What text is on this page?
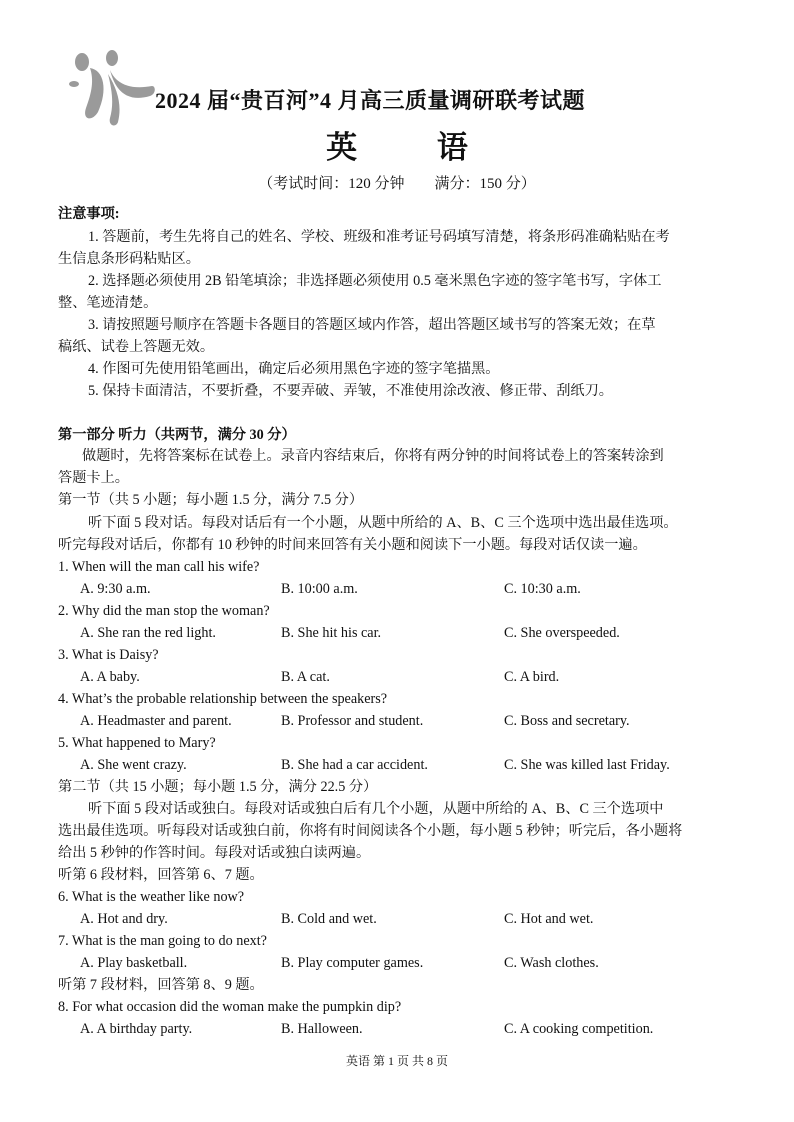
2024 届“贵百河”4 月高三质量调研联考试题
英 语
（考试时间：120 分钟        满分：150 分）
注意事项:
1. 答题前，考生先将自己的姓名、学校、班级和准考证号码填写清楚，将条形码准确粘贴在考
生信息条形码粘贴区。
2. 选择题必须使用 2B 铅笔填涂；非选择题必须使用 0.5 毫米黑色字迹的签字笔书写，字体工
整、笔迹清楚。
3. 请按照题号顺序在答题卡各题目的答题区域内作答，超出答题区域书写的答案无效；在草
稿纸、试卷上答题无效。
4. 作图可先使用铅笔画出，确定后必须用黑色字迹的签字笔描黑。
5. 保持卡面清洁，不要折叠，不要弄破、弄皱，不准使用涂改液、修正带、刮纸刀。
第一部分 听力（共两节，满分 30 分）
做题时，先将答案标在试卷上。录音内容结束后，你将有两分钟的时间将试卷上的答案转涂到
答题卡上。
第一节（共 5 小题；每小题 1.5 分，满分 7.5 分）
听下面 5 段对话。每段对话后有一个小题，从题中所给的 A、B、C 三个选项中选出最佳选项。
听完每段对话后，你都有 10 秒钟的时间来回答有关小题和阅读下一小题。每段对话仅读一遍。
1. When will the man call his wife?
A. 9:30 a.m.	B. 10:00 a.m.	C. 10:30 a.m.
2. Why did the man stop the woman?
A. She ran the red light.	B. She hit his car.	C. She overspeeded.
3. What is Daisy?
A. A baby.	B. A cat.	C. A bird.
4. What’s the probable relationship between the speakers?
A. Headmaster and parent.	B. Professor and student.	C. Boss and secretary.
5. What happened to Mary?
A. She went crazy.	B. She had a car accident.	C. She was killed last Friday.
第二节（共 15 小题；每小题 1.5 分，满分 22.5 分）
听下面 5 段对话或独白。每段对话或独白后有几个小题，从题中所给的 A、B、C 三个选项中
选出最佳选项。听每段对话或独白前，你将有时间阅读各个小题，每小题 5 秒钟；听完后，各小题将
给出 5 秒钟的作答时间。每段对话或独白读两遍。
听第 6 段材料，回答第 6、7 题。
6. What is the weather like now?
A. Hot and dry.	B. Cold and wet.	C. Hot and wet.
7. What is the man going to do next?
A. Play basketball.	B. Play computer games.	C. Wash clothes.
听第 7 段材料，回答第 8、9 题。
8. For what occasion did the woman make the pumpkin dip?
A. A birthday party.	B. Halloween.	C. A cooking competition.
英语 第 1 页 共 8 页
